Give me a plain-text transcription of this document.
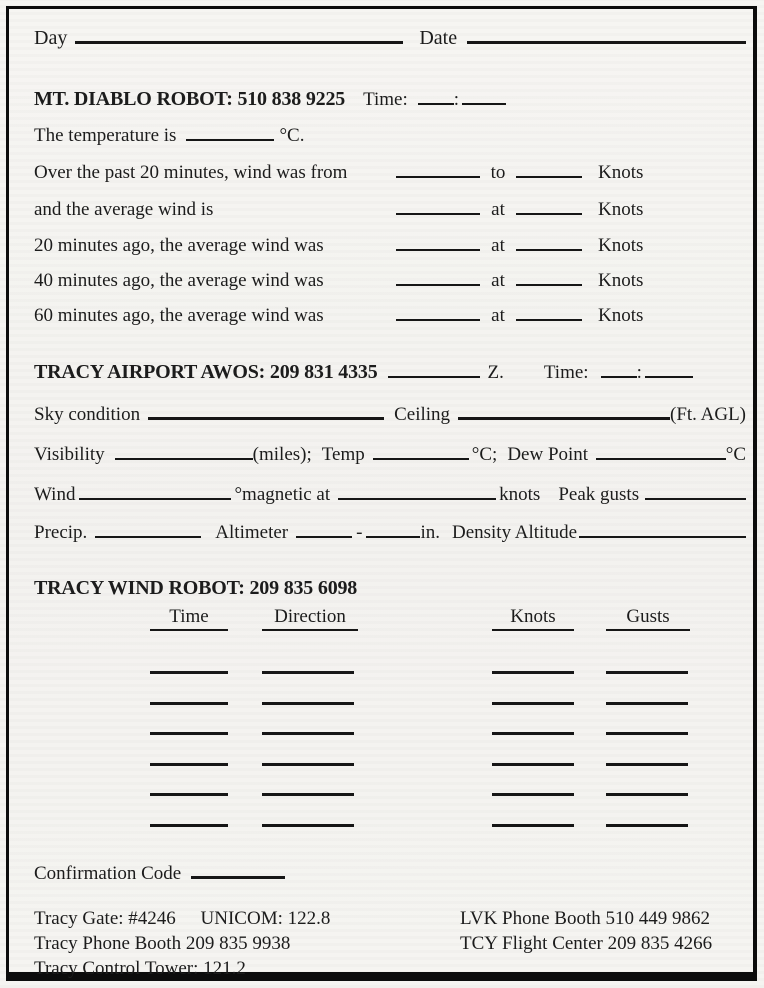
Day	Date
MT. DIABLO ROBOT: 510 838 9225 Time: :
The temperature is	°C.
Over the past 20 minutes, wind was from	to	Knots
and the average wind is	at	Knots
20 minutes ago, the average wind was	at	Knots
40 minutes ago, the average wind was	at	Knots
60 minutes ago, the average wind was	at	Knots
TRACY AIRPORT AWOS: 209 831 4335	Z. Time:	:
Sky condition	Ceiling	(Ft. AGL)
Visibility	(miles); Temp	°C; Dew Point	°C
Wind	°magnetic at	knots Peak gusts
Precip.	Altimeter	-	in. Density Altitude
TRACY WIND ROBOT: 209 835 6098
Time	Direction	Knots	Gusts
Confirmation Code
Tracy Gate: #4246 UNICOM: 122.8
Tracy Phone Booth 209 835 9938
Tracy Control Tower: 121.2
LVK Phone Booth 510 449 9862
TCY Flight Center 209 835 4266
